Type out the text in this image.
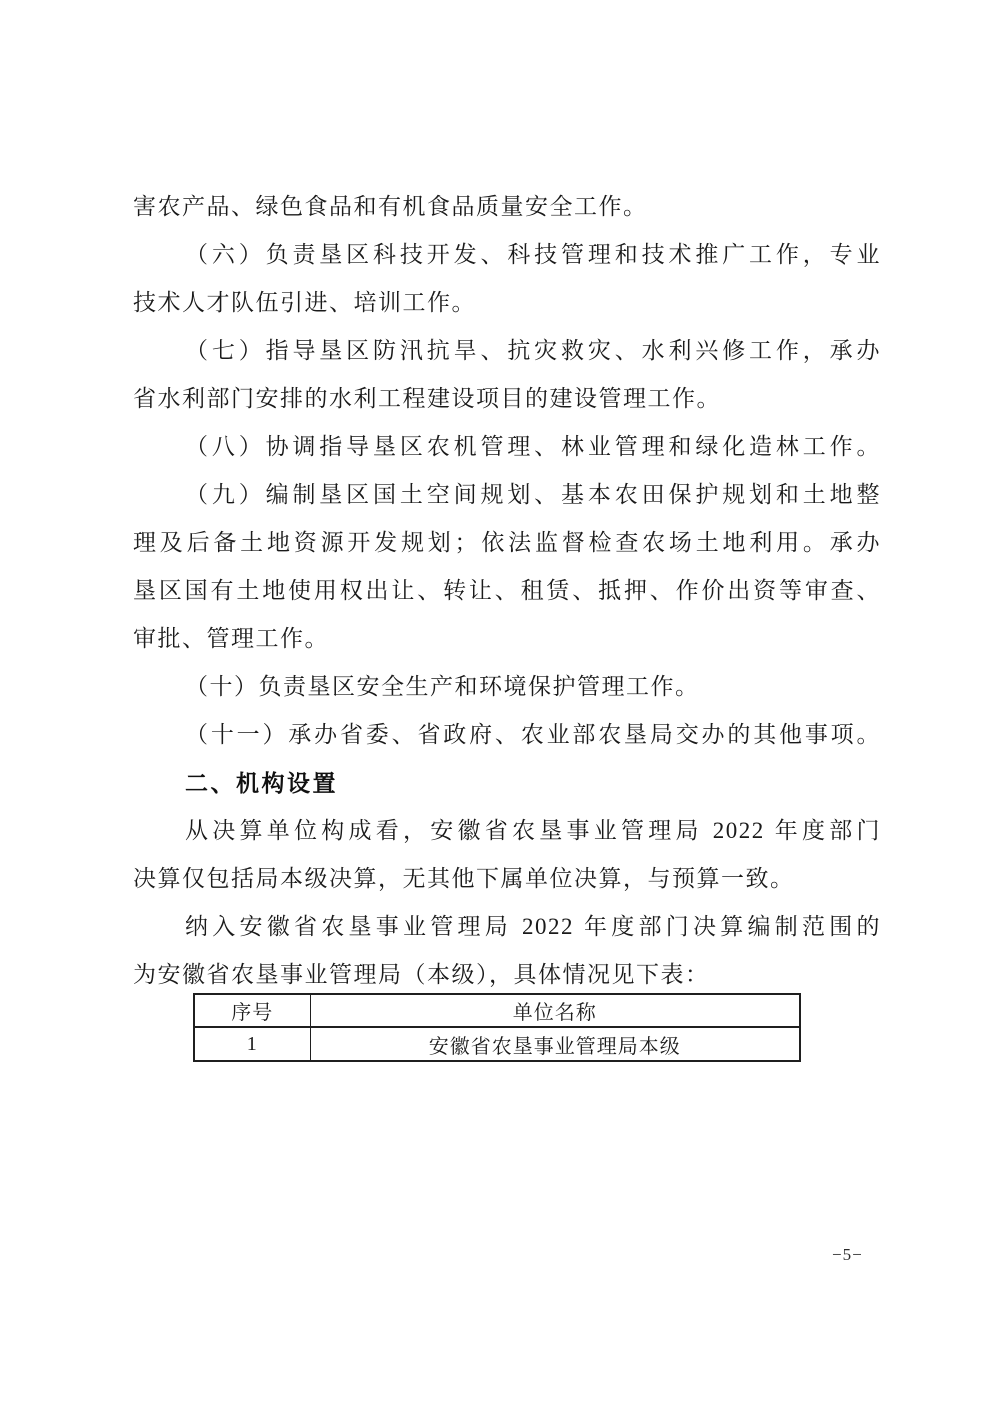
害农产品、绿色食品和有机食品质量安全工作。
（六）负责垦区科技开发、科技管理和技术推广工作，专业
技术人才队伍引进、培训工作。
（七）指导垦区防汛抗旱、抗灾救灾、水利兴修工作，承办
省水利部门安排的水利工程建设项目的建设管理工作。
（八）协调指导垦区农机管理、林业管理和绿化造林工作。
（九）编制垦区国土空间规划、基本农田保护规划和土地整
理及后备土地资源开发规划；依法监督检查农场土地利用。承办
垦区国有土地使用权出让、转让、租赁、抵押、作价出资等审查、
审批、管理工作。
（十）负责垦区安全生产和环境保护管理工作。
（十一）承办省委、省政府、农业部农垦局交办的其他事项。
二、机构设置
从决算单位构成看，安徽省农垦事业管理局 2022 年度部门
决算仅包括局本级决算，无其他下属单位决算，与预算一致。
纳入安徽省农垦事业管理局 2022 年度部门决算编制范围的
为安徽省农垦事业管理局（本级），具体情况见下表：
序号	单位名称
1	安徽省农垦事业管理局本级
−5−
